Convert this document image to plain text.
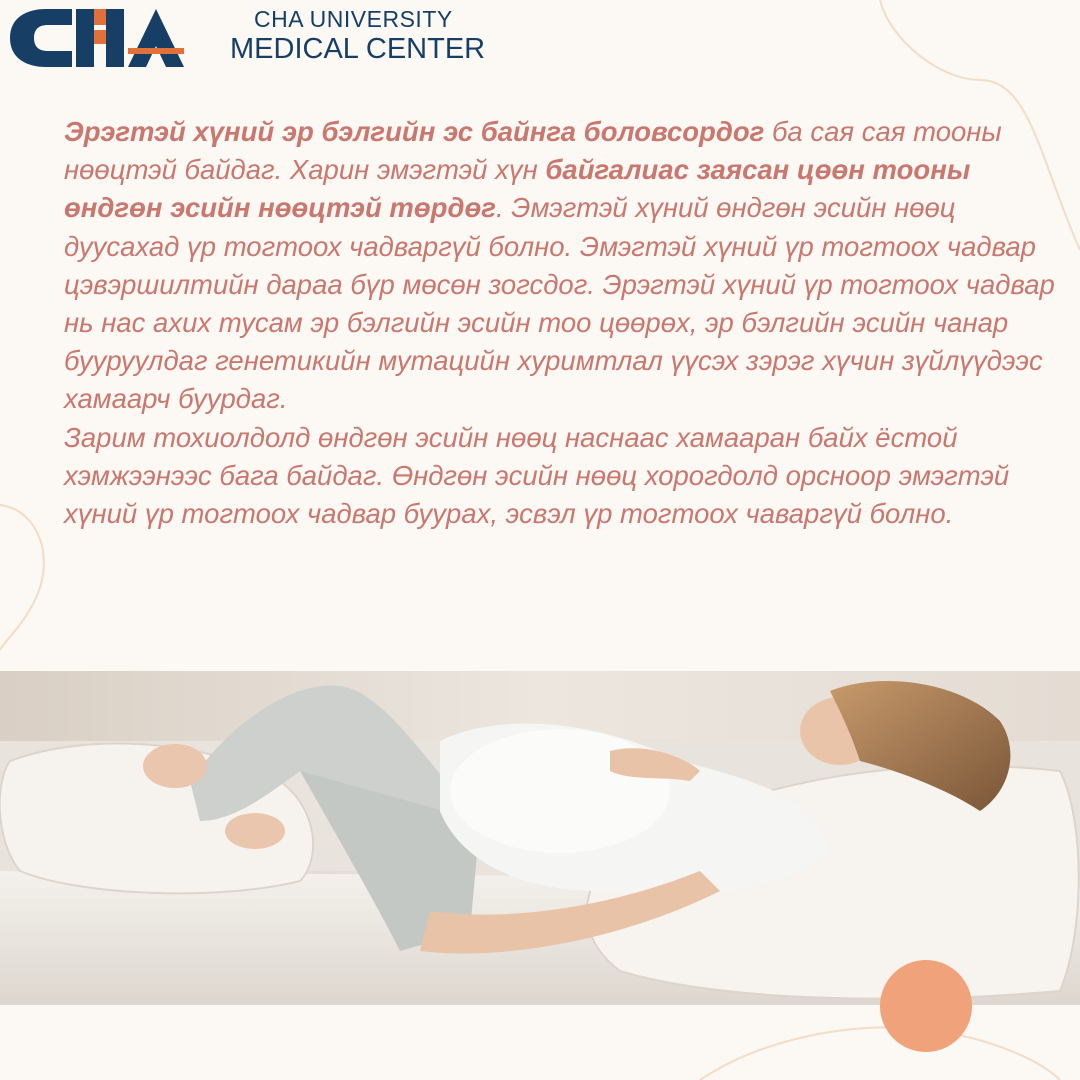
CHA UNIVERSITY
MEDICAL CENTER

Эрэгтэй хүний эр бэлгийн эс байнга боловсордог ба сая сая тооны нөөцтэй байдаг. Харин эмэгтэй хүн байгалиас заясан цөөн тооны өндгөн эсийн нөөцтэй төрдөг. Эмэгтэй хүний өндгөн эсийн нөөц дуусахад үр тогтоох чадваргүй болно. Эмэгтэй хүний үр тогтоох чадвар цэвэршилтийн дараа бүр мөсөн зогсдог. Эрэгтэй хүний үр тогтоох чадвар нь нас ахих тусам эр бэлгийн эсийн тоо цөөрөх, эр бэлгийн эсийн чанар бууруулдаг генетикийн мутацийн хуримтлал үүсэх зэрэг хүчин зүйлүүдээс хамаарч буурдаг.

Зарим тохиолдолд өндгөн эсийн нөөц наснаас хамааран байх ёстой хэмжээнээс бага байдаг. Өндгөн эсийн нөөц хорогдолд орсноор эмэгтэй хүний үр тогтоох чадвар буурах, эсвэл үр тогтоох чаваргүй болно.
